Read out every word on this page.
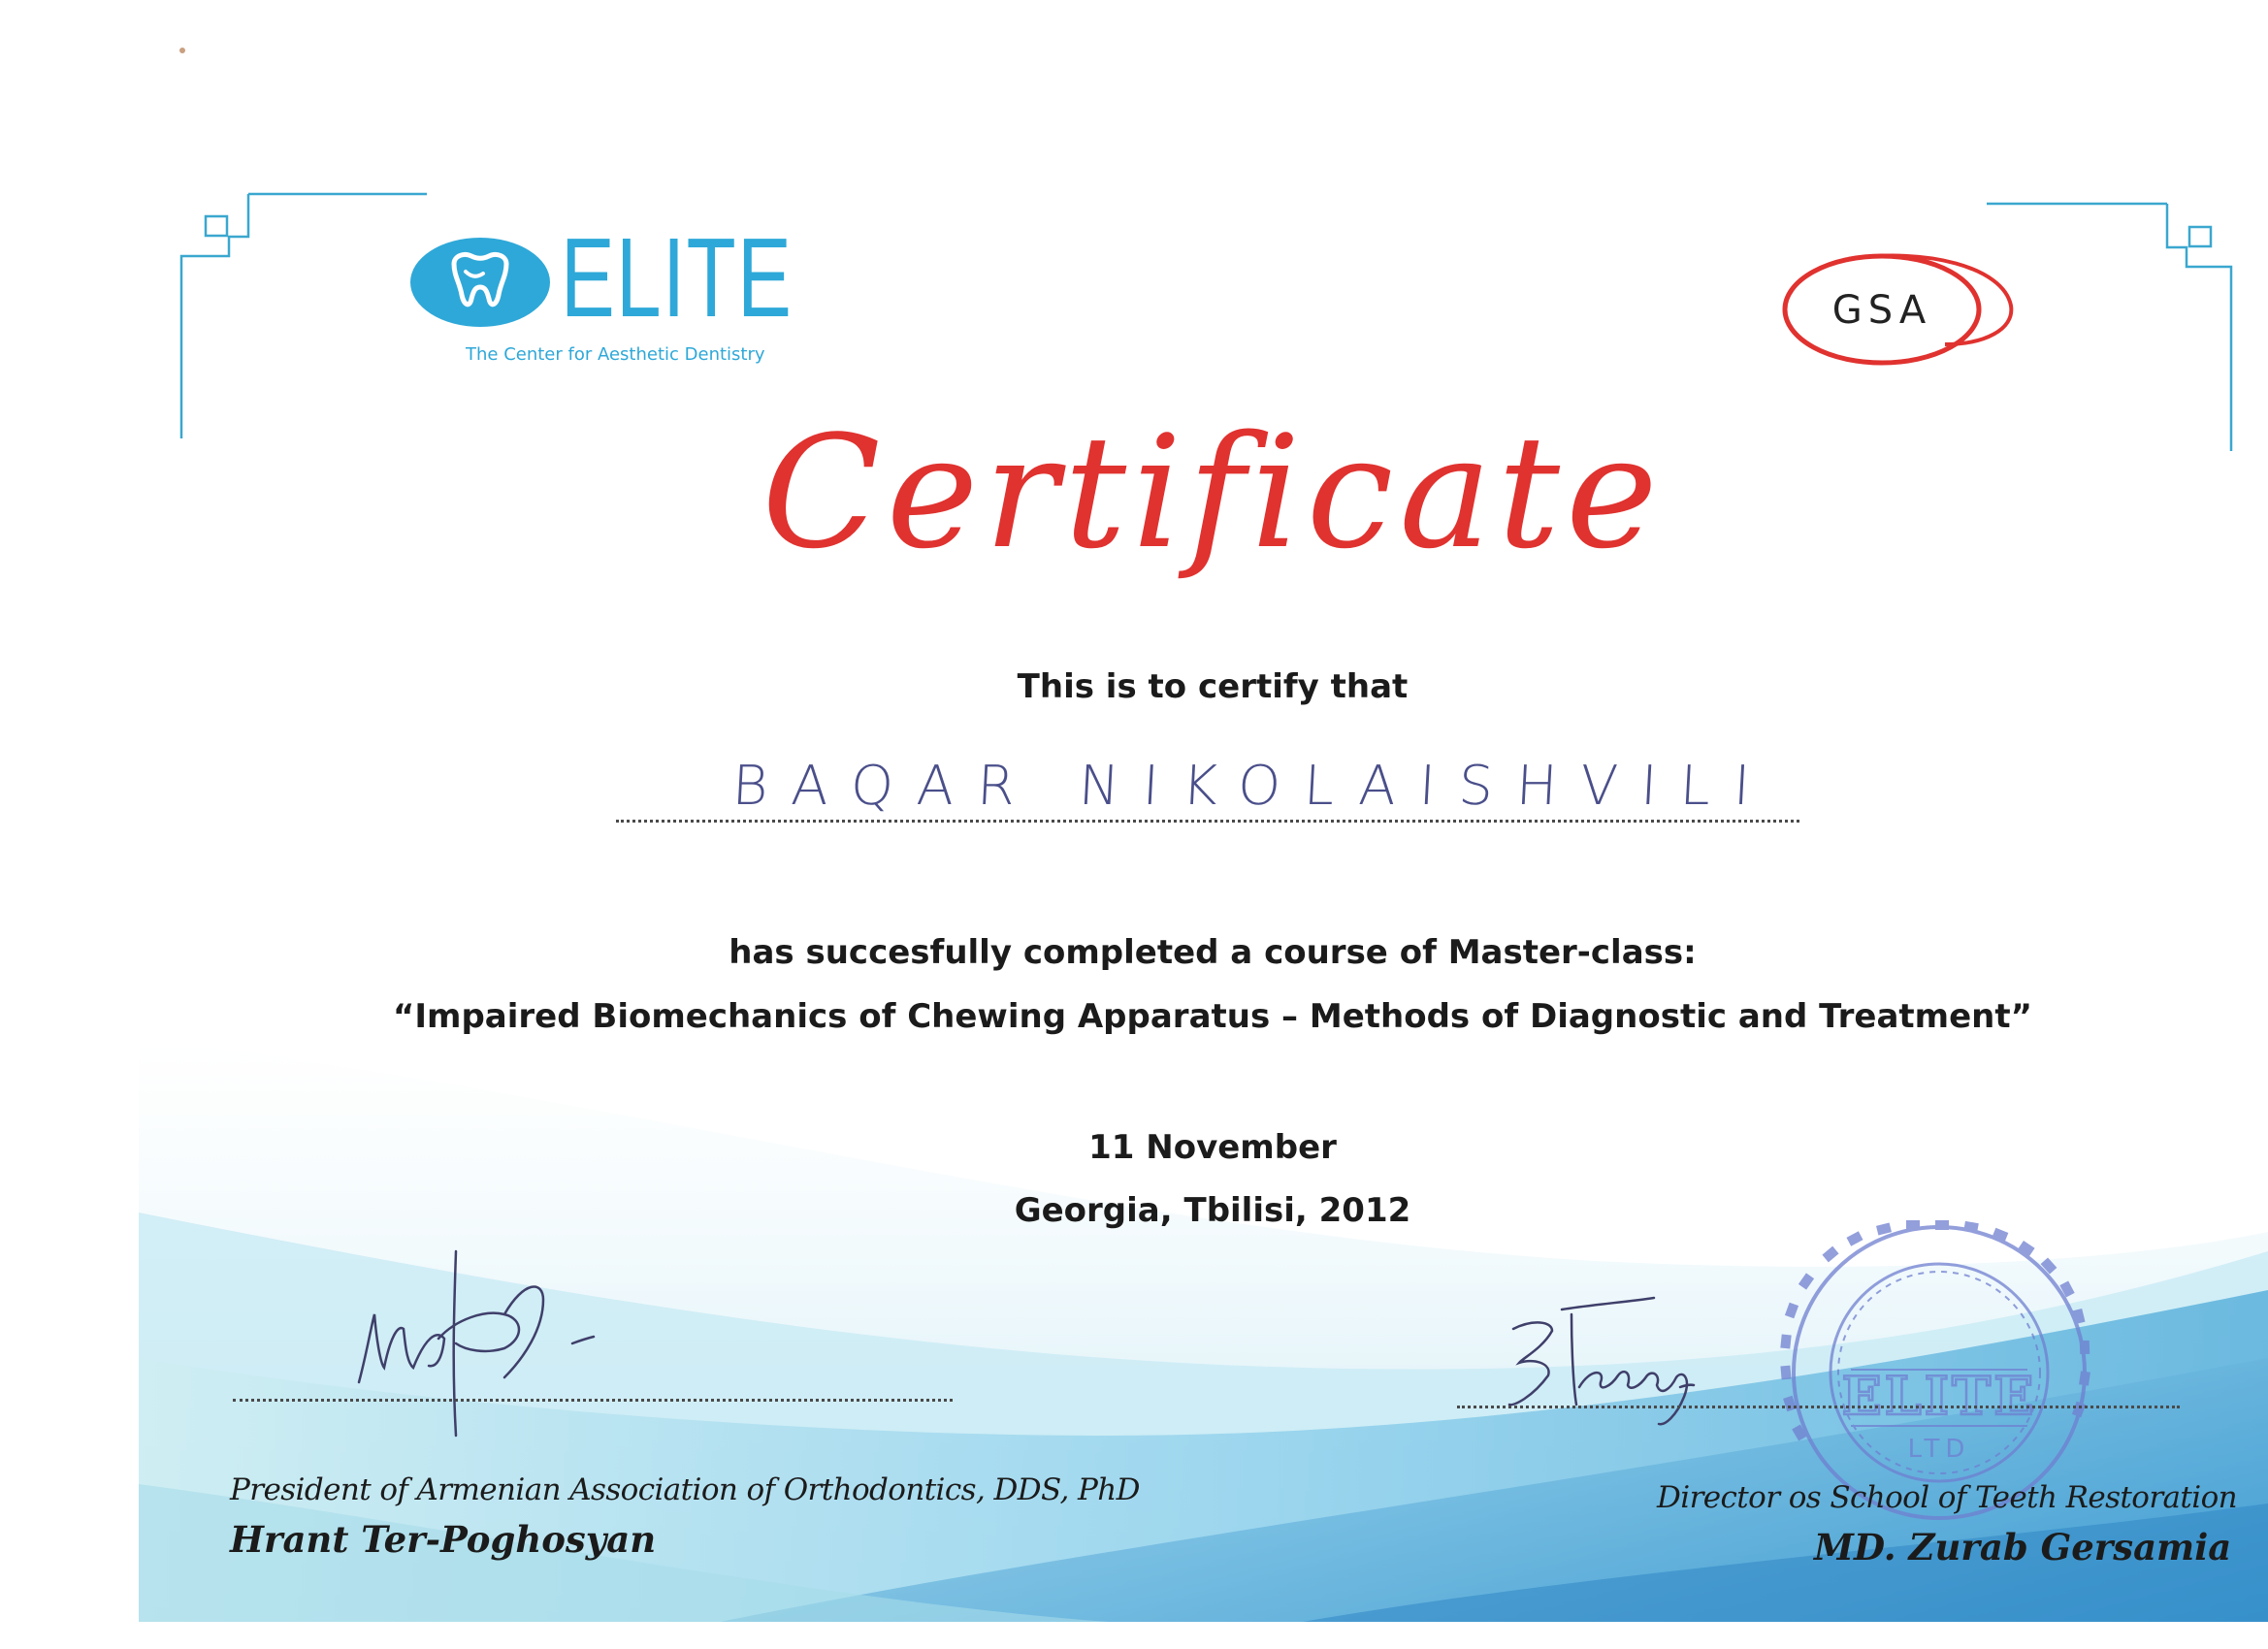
ELITE
LTD
ELITE
The Center for Aesthetic Dentistry
GSA
Certificate
This is to certify that
BAQAR NIKOLAISHVILI
has succesfully completed a course of Master-class:
“Impaired Biomechanics of Chewing Apparatus – Methods of Diagnostic and Treatment”
11 November
Georgia, Tbilisi, 2012
President of Armenian Association of Orthodontics, DDS, PhD
Hrant Ter-Poghosyan
Director os School of Teeth Restoration
MD. Zurab Gersamia
